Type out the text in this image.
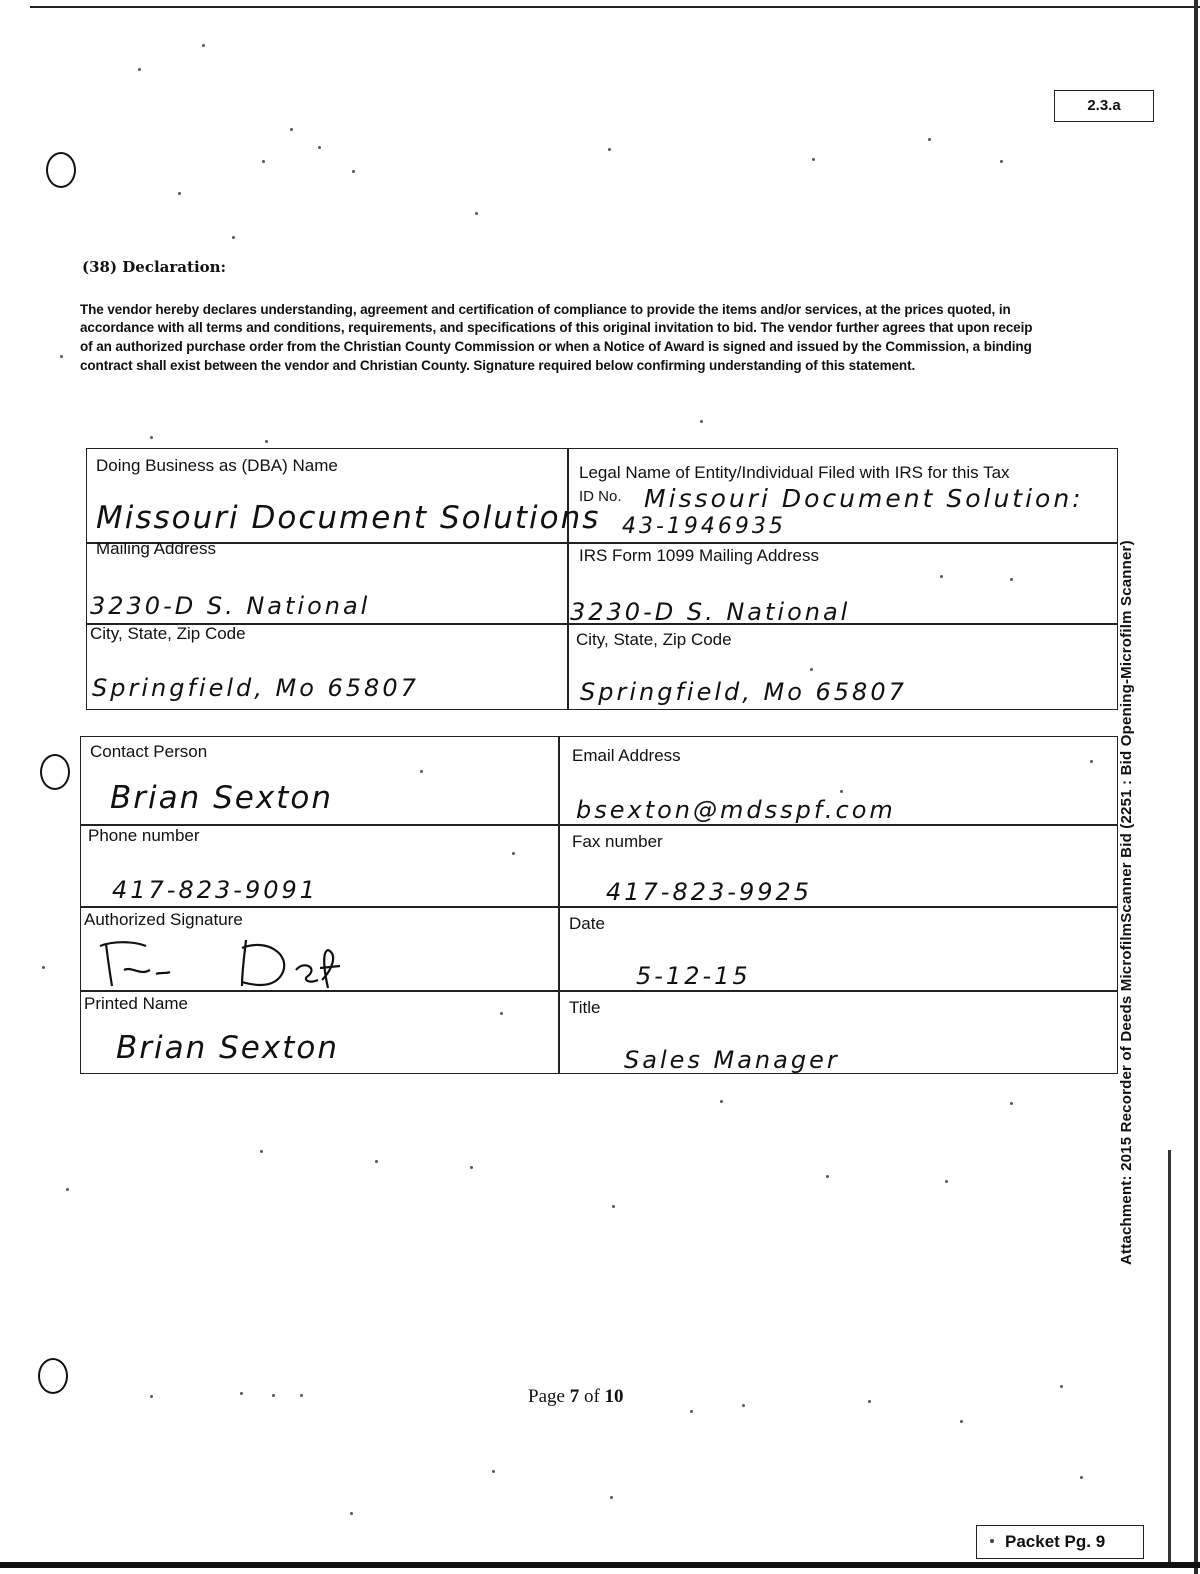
2.3.a
Attachment: 2015 Recorder of Deeds MicrofilmScanner Bid (2251 : Bid Opening-Microfilm Scanner)
(38) Declaration:
The vendor hereby declares understanding, agreement and certification of compliance to provide the items and/or services, at the prices quoted, in
accordance with all terms and conditions, requirements, and specifications of this original invitation to bid. The vendor further agrees that upon receip
of an authorized purchase order from the Christian County Commission or when a Notice of Award is signed and issued by the Commission, a binding
contract shall exist between the vendor and Christian County. Signature required below confirming understanding of this statement.
Doing Business as (DBA) Name
Missouri Document Solutions
Legal Name of Entity/Individual Filed with IRS for this Tax
ID No. Missouri Document Solution:
43-1946935
Mailing Address
3230-D S. National
IRS Form 1099 Mailing Address
3230-D S. National
City, State, Zip Code
Springfield, Mo 65807
City, State, Zip Code
Springfield, Mo 65807
Contact Person
Brian Sexton
Email Address
bsexton@mdsspf.com
Phone number
417-823-9091
Fax number
417-823-9925
Authorized Signature	Date
5-12-15
Printed Name
Brian Sexton
Title
Sales Manager
Page 7 of 10
Packet Pg. 9
